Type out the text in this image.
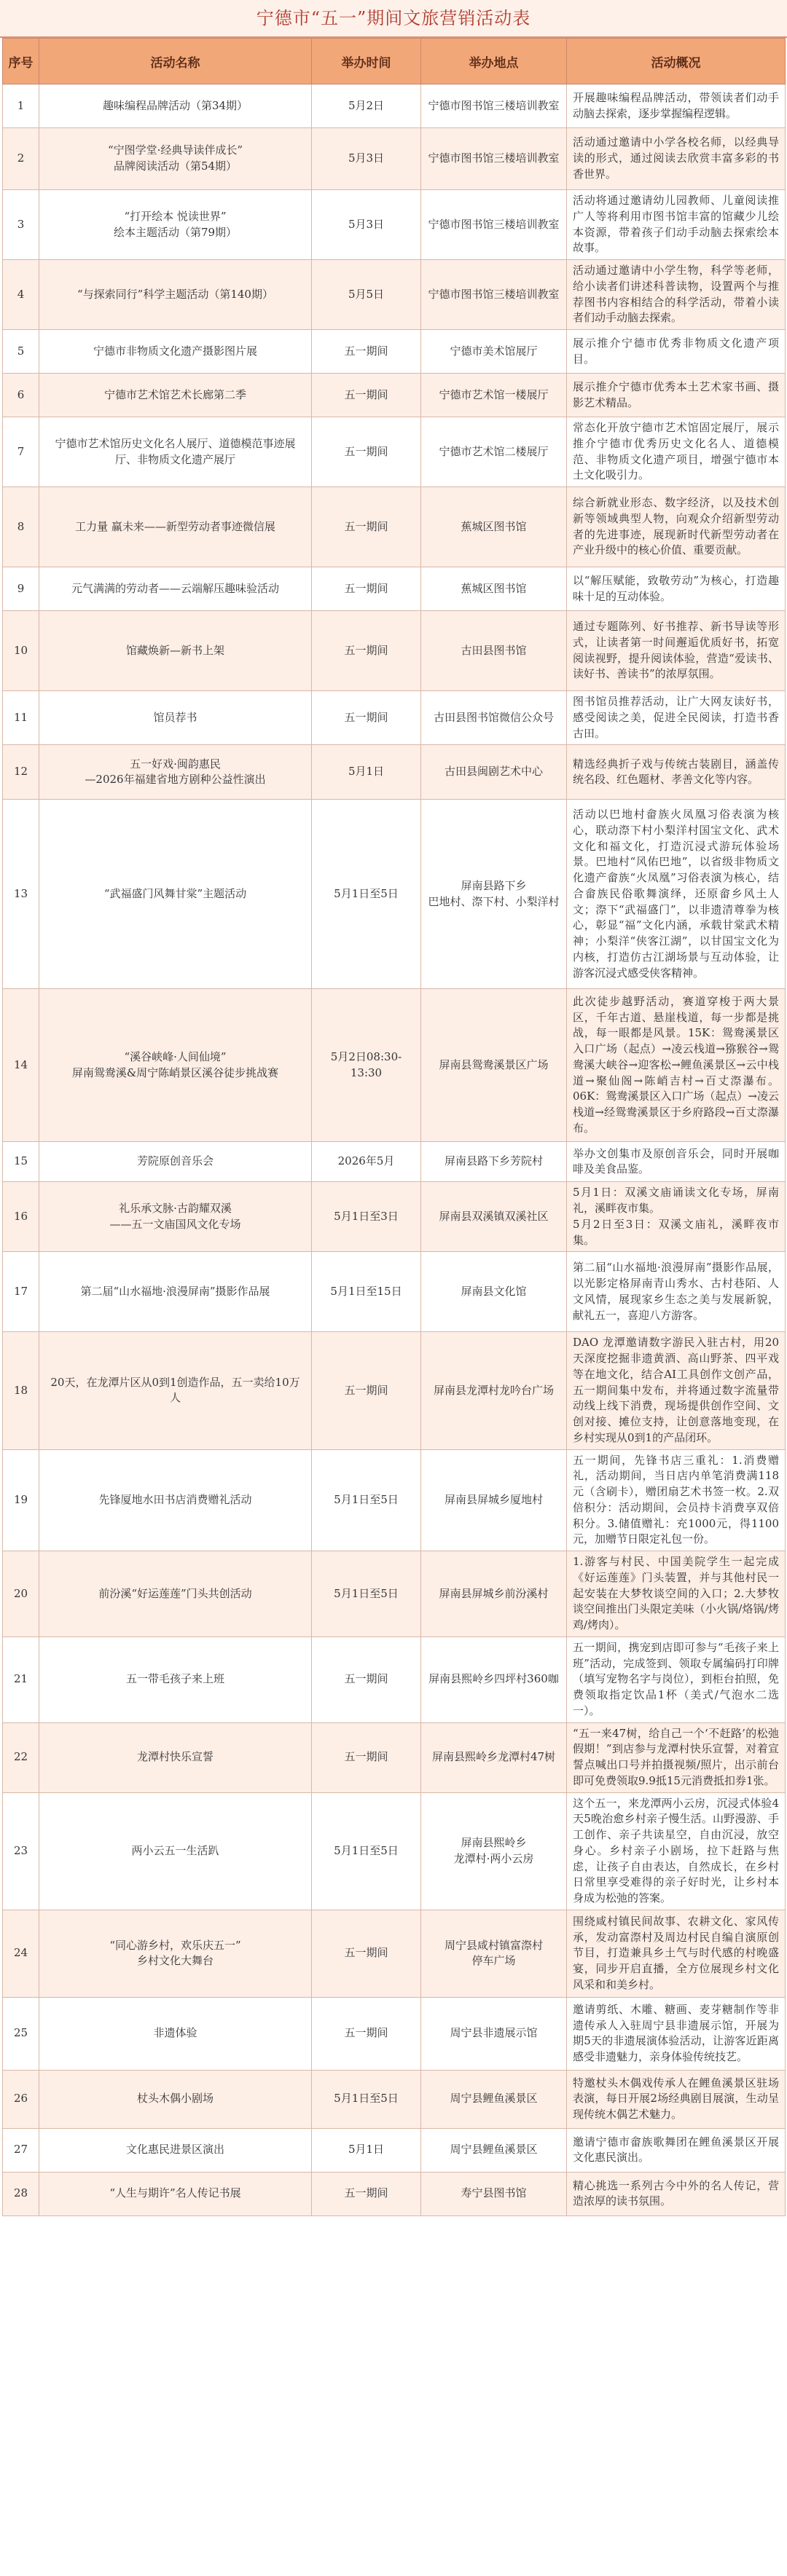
宁德市“五一”期间文旅营销活动表
序号	活动名称	举办时间	举办地点	活动概况
1	趣味编程品牌活动（第34期）	5月2日	宁德市图书馆三楼培训教室	开展趣味编程品牌活动，带领读者们动手动脑去探索，逐步掌握编程逻辑。
2	“宁图学堂·经典导读伴成长”
品牌阅读活动（第54期）	5月3日	宁德市图书馆三楼培训教室	活动通过邀请中小学各校名师，以经典导读的形式，通过阅读去欣赏丰富多彩的书香世界。
3	“打开绘本 悦读世界”
绘本主题活动（第79期）	5月3日	宁德市图书馆三楼培训教室	活动将通过邀请幼儿园教师、儿童阅读推广人等将利用市图书馆丰富的馆藏少儿绘本资源，带着孩子们动手动脑去探索绘本故事。
4	“与探索同行”科学主题活动（第140期）	5月5日	宁德市图书馆三楼培训教室	活动通过邀请中小学生物，科学等老师，给小读者们讲述科普读物，设置两个与推荐图书内容相结合的科学活动，带着小读者们动手动脑去探索。
5	宁德市非物质文化遗产摄影图片展	五一期间	宁德市美术馆展厅	展示推介宁德市优秀非物质文化遗产项目。
6	宁德市艺术馆艺术长廊第二季	五一期间	宁德市艺术馆一楼展厅	展示推介宁德市优秀本土艺术家书画、摄影艺术精品。
7	宁德市艺术馆历史文化名人展厅、道德模范事迹展厅、非物质文化遗产展厅	五一期间	宁德市艺术馆二楼展厅	常态化开放宁德市艺术馆固定展厅，展示推介宁德市优秀历史文化名人、道德模范、非物质文化遗产项目，增强宁德市本土文化吸引力。
8	工力量 赢未来——新型劳动者事迹微信展	五一期间	蕉城区图书馆	综合新就业形态、数字经济，以及技术创新等领域典型人物，向观众介绍新型劳动者的先进事迹，展现新时代新型劳动者在产业升级中的核心价值、重要贡献。
9	元气满满的劳动者——云端解压趣味验活动	五一期间	蕉城区图书馆	以“解压赋能，致敬劳动”为核心，打造趣味十足的互动体验。
10	馆藏焕新—新书上架	五一期间	古田县图书馆	通过专题陈列、好书推荐、新书导读等形式，让读者第一时间邂逅优质好书，拓宽阅读视野，提升阅读体验，营造“爱读书、读好书、善读书”的浓厚氛围。
11	馆员荐书	五一期间	古田县图书馆微信公众号	图书馆员推荐活动，让广大网友读好书，感受阅读之美，促进全民阅读，打造书香古田。
12	五一好戏·闽韵惠民
—2026年福建省地方剧种公益性演出	5月1日	古田县闽剧艺术中心	精选经典折子戏与传统古装剧目，涵盖传统名段、红色题材、孝善文化等内容。
13	“武福盛门风舞甘棠”主题活动	5月1日至5日	屏南县路下乡
巴地村、漈下村、小梨洋村	活动以巴地村畲族火凤凰习俗表演为核心，联动漈下村小梨洋村国宝文化、武术文化和福文化，打造沉浸式游玩体验场景。巴地村“风佑巴地”，以省级非物质文化遗产畲族“火凤凰”习俗表演为核心，结合畲族民俗歌舞演绎，还原畲乡风土人文；漈下“武福盛门”，以非遗清尊拳为核心，彰显“福”文化内涵，承载甘棠武术精神；小梨洋“侠客江湖”，以甘国宝文化为内核，打造仿古江湖场景与互动体验，让游客沉浸式感受侠客精神。
14	“溪谷峡峰·人间仙境”
屏南鸳鸯溪&周宁陈峭景区溪谷徒步挑战赛	5月2日08:30-13:30	屏南县鸳鸯溪景区广场	此次徒步越野活动，赛道穿梭于两大景区，千年古道、悬崖栈道，每一步都是挑战，每一眼都是风景。15K：鸳鸯溪景区入口广场（起点）→凌云栈道→猕猴谷→鸳鸯溪大峡谷→迎客松→鲤鱼溪景区→云中栈道→聚仙阁→陈峭吉村→百丈漈瀑布。06K：鸳鸯溪景区入口广场（起点）→凌云栈道→经鸳鸯溪景区于乡府路段→百丈漈瀑布。
15	芳院原创音乐会	2026年5月	屏南县路下乡芳院村	举办文创集市及原创音乐会，同时开展咖啡及美食品鉴。
16	礼乐承文脉·古韵耀双溪
——五一文庙国风文化专场	5月1日至3日	屏南县双溪镇双溪社区	5月1日：双溪文庙诵读文化专场，屏南礼，溪畔夜市集。
5月2日至3日：双溪文庙礼，溪畔夜市集。
17	第二届“山水福地·浪漫屏南”摄影作品展	5月1日至15日	屏南县文化馆	第二届“山水福地·浪漫屏南”摄影作品展，以光影定格屏南青山秀水、古村巷陌、人文风情，展现家乡生态之美与发展新貌，献礼五一，喜迎八方游客。
18	20天，在龙潭片区从0到1创造作品，五一卖给10万人	五一期间	屏南县龙潭村龙吟台广场	DAO 龙潭邀请数字游民入驻古村，用20天深度挖掘非遗黄酒、高山野茶、四平戏等在地文化，结合AI工具创作文创产品，五一期间集中发布，并将通过数字流量带动线上线下消费，现场提供创作空间、文创对接、摊位支持，让创意落地变现，在乡村实现从0到1的产品闭环。
19	先锋厦地水田书店消费赠礼活动	5月1日至5日	屏南县屏城乡厦地村	五一期间，先锋书店三重礼：1.消费赠礼，活动期间，当日店内单笔消费满118元（含刷卡），赠团扇艺术书签一枚。2.双倍积分：活动期间，会员持卡消费享双倍积分。3.储值赠礼：充1000元，得1100元，加赠节日限定礼包一份。
20	前汾溪“好运莲莲”门头共创活动	5月1日至5日	屏南县屏城乡前汾溪村	1.游客与村民、中国美院学生一起完成《好运莲莲》门头装置，并与其他村民一起安装在大梦牧谈空间的入口；2.大梦牧谈空间推出门头限定美味（小火锅/烙锅/烤鸡/烤肉）。
21	五一带毛孩子来上班	五一期间	屏南县熙岭乡四坪村360咖	五一期间，携宠到店即可参与“毛孩子来上班”活动，完成签到、领取专属编码打印牌（填写宠物名字与岗位），到柜台拍照，免费领取指定饮品1杯（美式/气泡水二选一）。
22	龙潭村快乐宣誓	五一期间	屏南县熙岭乡龙潭村47树	“五一来47树，给自己一个‘不赶路’的松弛假期！”到店参与龙潭村快乐宣誓，对着宣誓点喊出口号并拍摄视频/照片，出示前台即可免费领取9.9抵15元消费抵扣券1张。
23	两小云五一生活趴	5月1日至5日	屏南县熙岭乡
龙潭村·两小云房	这个五一，来龙潭两小云房，沉浸式体验4天5晚治愈乡村亲子慢生活。山野漫游、手工创作、亲子共读星空，自由沉浸，放空身心。乡村亲子小剧场，拉下赶路与焦虑，让孩子自由表达，自然成长，在乡村日常里享受难得的亲子好时光，让乡村本身成为松弛的答案。
24	“同心游乡村，欢乐庆五一”
乡村文化大舞台	五一期间	周宁县咸村镇富漈村
停车广场	围绕咸村镇民间故事、农耕文化、家风传承，发动富漈村及周边村民自编自演原创节目，打造兼具乡土气与时代感的村晚盛宴，同步开启直播，全方位展现乡村文化风采和和美乡村。
25	非遗体验	五一期间	周宁县非遗展示馆	邀请剪纸、木雕、糖画、麦芽糖制作等非遗传承人入驻周宁县非遗展示馆，开展为期5天的非遗展演体验活动，让游客近距离感受非遗魅力，亲身体验传统技艺。
26	杖头木偶小剧场	5月1日至5日	周宁县鲤鱼溪景区	特邀杖头木偶戏传承人在鲤鱼溪景区驻场表演，每日开展2场经典剧目展演，生动呈现传统木偶艺术魅力。
27	文化惠民进景区演出	5月1日	周宁县鲤鱼溪景区	邀请宁德市畲族歌舞团在鲤鱼溪景区开展文化惠民演出。
28	“人生与期许”名人传记书展	五一期间	寿宁县图书馆	精心挑选一系列古今中外的名人传记，营造浓厚的读书氛围。
